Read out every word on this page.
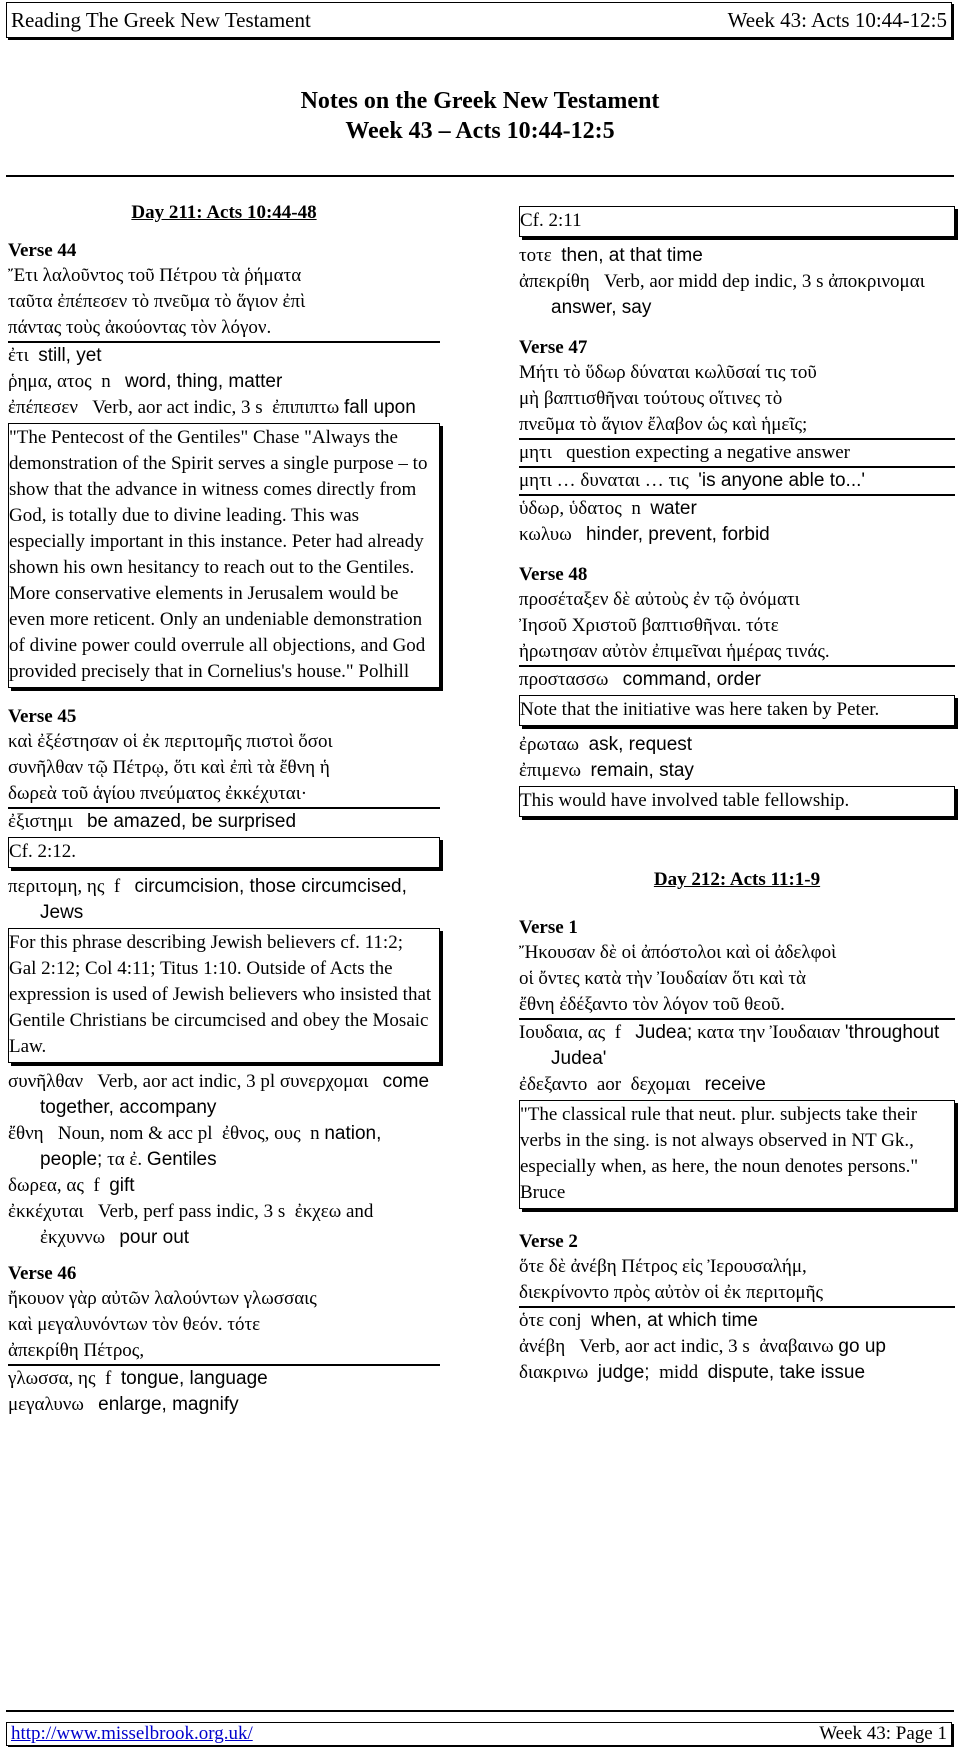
Reading The Greek New Testament	Week 43: Acts 10:44-12:5
Notes on the Greek New Testament
Week 43 – Acts 10:44-12:5
Day 211: Acts 10:44-48
Verse 44
Ἔτι λαλοῦντος τοῦ Πέτρου τὰ ῥήματα
ταῦτα ἐπέπεσεν τὸ πνεῦμα τὸ ἅγιον ἐπὶ
πάντας τοὺς ἀκούοντας τὸν λόγον.
ἐτι still, yet
ῥημα, ατος n word, thing, matter
ἐπέπεσεν Verb, aor act indic, 3 s ἐπιπιπτω fall upon
"The Pentecost of the Gentiles" Chase "Always the demonstration of the Spirit serves a single purpose – to show that the advance in witness comes directly from God, is totally due to divine leading. This was especially important in this instance. Peter had already shown his own hesitancy to reach out to the Gentiles. More conservative elements in Jerusalem would be even more reticent. Only an undeniable demonstration of divine power could overrule all objections, and God provided precisely that in Cornelius's house." Polhill
Verse 45
καὶ ἐξέστησαν οἱ ἐκ περιτομῆς πιστοὶ ὅσοι
συνῆλθαν τῷ Πέτρῳ, ὅτι καὶ ἐπὶ τὰ ἔθνη ἡ
δωρεὰ τοῦ ἁγίου πνεύματος ἐκκέχυται·
ἐξιστημι be amazed, be surprised
Cf. 2:12.
περιτομη, ης f circumcision, those circumcised, Jews
For this phrase describing Jewish believers cf. 11:2; Gal 2:12; Col 4:11; Titus 1:10. Outside of Acts the expression is used of Jewish believers who insisted that Gentile Christians be circumcised and obey the Mosaic Law.
συνῆλθαν Verb, aor act indic, 3 pl συνερχομαι come together, accompany
ἔθνη Noun, nom & acc pl ἐθνος, ους n nation, people; τα ἐ. Gentiles
δωρεα, ας f gift
ἐκκέχυται Verb, perf pass indic, 3 s ἐκχεω and  ἐκχυννω pour out
Verse 46
ἤκουον γὰρ αὐτῶν λαλούντων γλωσσαις
καὶ μεγαλυνόντων τὸν θεόν. τότε
ἀπεκρίθη Πέτρος,
γλωσσα, ης f tongue, language
μεγαλυνω enlarge, magnify
Cf. 2:11
τοτε then, at that time
ἀπεκρίθη Verb, aor midd dep indic, 3 s ἀποκρινομαι   answer, say
Verse 47
Μήτι τὸ ὕδωρ δύναται κωλῦσαί τις τοῦ
μὴ βαπτισθῆναι τούτους οἵτινες τὸ
πνεῦμα τὸ ἅγιον ἔλαβον ὡς καὶ ἡμεῖς;
μητι question expecting a negative answer
μητι … δυναται … τις 'is anyone able to...'
ὑδωρ, ὑδατος n water
κωλυω hinder, prevent, forbid
Verse 48
προσέταξεν δὲ αὐτοὺς ἐν τῷ ὀνόματι
Ἰησοῦ Χριστοῦ βαπτισθῆναι. τότε
ἠρωτησαν αὐτὸν ἐπιμεῖναι ἡμέρας τινάς.
προστασσω command, order
Note that the initiative was here taken by Peter.
ἐρωταω ask, request
ἐπιμενω remain, stay
This would have involved table fellowship.
Day 212: Acts 11:1-9
Verse 1
Ἤκουσαν δὲ οἱ ἀπόστολοι καὶ οἱ ἀδελφοὶ
οἱ ὄντες κατὰ τὴν Ἰουδαίαν ὅτι καὶ τὰ
ἔθνη ἐδέξαντο τὸν λόγον τοῦ θεοῦ.
Ιουδαια, ας f Judea; κατα την Ἰουδαιαν 'throughout Judea'
ἐδεξαντο aor δεχομαι receive
"The classical rule that neut. plur. subjects take their verbs in the sing. is not always observed in NT Gk., especially when, as here, the noun denotes persons." Bruce
Verse 2
ὅτε δὲ ἀνέβη Πέτρος εἰς Ἰερουσαλήμ,
διεκρίνοντο πρὸς αὐτὸν οἱ ἐκ περιτομῆς
ὁτε conj when, at which time
ἀνέβη Verb, aor act indic, 3 s ἀναβαινω go up
διακρινω judge; midd dispute, take issue
http://www.misselbrook.org.uk/	Week 43: Page 1
